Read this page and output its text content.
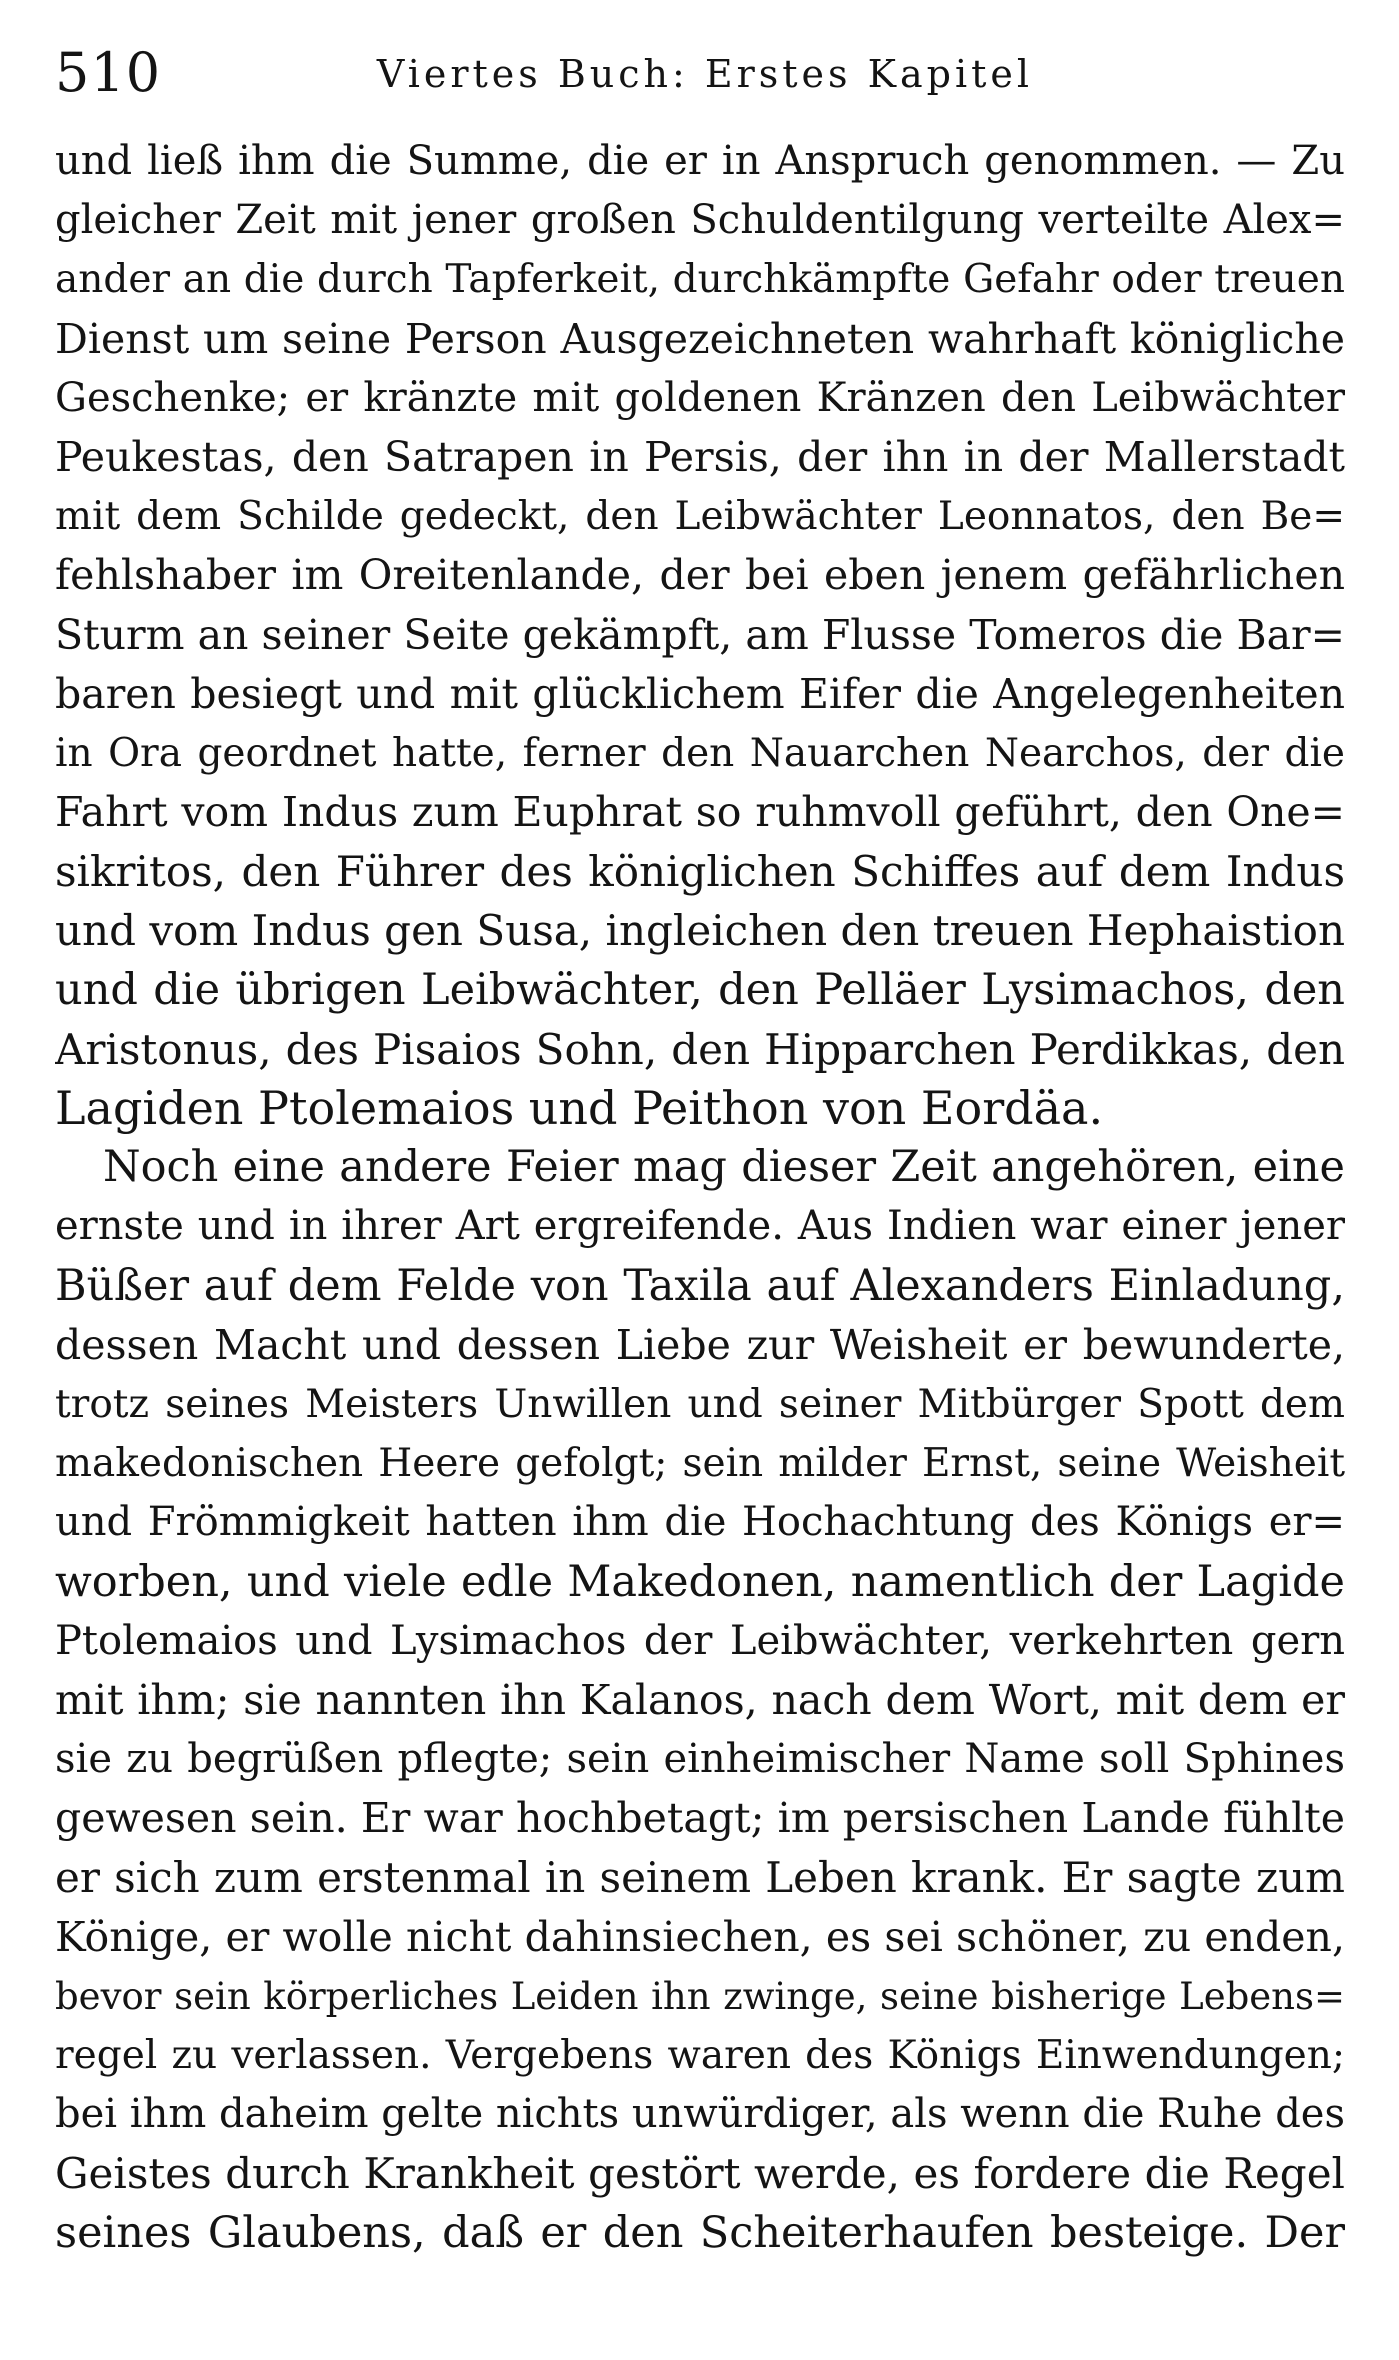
510	Viertes Buch: Erstes Kapitel
und ließ ihm die Summe, die er in Anspruch genommen. — Zu
gleicher Zeit mit jener großen Schuldentilgung verteilte Alex=
ander an die durch Tapferkeit, durchkämpfte Gefahr oder treuen
Dienst um seine Person Ausgezeichneten wahrhaft königliche
Geschenke; er kränzte mit goldenen Kränzen den Leibwächter
Peukestas, den Satrapen in Persis, der ihn in der Mallerstadt
mit dem Schilde gedeckt, den Leibwächter Leonnatos, den Be=
fehlshaber im Oreitenlande, der bei eben jenem gefährlichen
Sturm an seiner Seite gekämpft, am Flusse Tomeros die Bar=
baren besiegt und mit glücklichem Eifer die Angelegenheiten
in Ora geordnet hatte, ferner den Nauarchen Nearchos, der die
Fahrt vom Indus zum Euphrat so ruhmvoll geführt, den One=
sikritos, den Führer des königlichen Schiffes auf dem Indus
und vom Indus gen Susa, ingleichen den treuen Hephaistion
und die übrigen Leibwächter, den Pelläer Lysimachos, den
Aristonus, des Pisaios Sohn, den Hipparchen Perdikkas, den
Lagiden Ptolemaios und Peithon von Eordäa.
Noch eine andere Feier mag dieser Zeit angehören, eine
ernste und in ihrer Art ergreifende. Aus Indien war einer jener
Büßer auf dem Felde von Taxila auf Alexanders Einladung,
dessen Macht und dessen Liebe zur Weisheit er bewunderte,
trotz seines Meisters Unwillen und seiner Mitbürger Spott dem
makedonischen Heere gefolgt; sein milder Ernst, seine Weisheit
und Frömmigkeit hatten ihm die Hochachtung des Königs er=
worben, und viele edle Makedonen, namentlich der Lagide
Ptolemaios und Lysimachos der Leibwächter, verkehrten gern
mit ihm; sie nannten ihn Kalanos, nach dem Wort, mit dem er
sie zu begrüßen pflegte; sein einheimischer Name soll Sphines
gewesen sein. Er war hochbetagt; im persischen Lande fühlte
er sich zum erstenmal in seinem Leben krank. Er sagte zum
Könige, er wolle nicht dahinsiechen, es sei schöner, zu enden,
bevor sein körperliches Leiden ihn zwinge, seine bisherige Lebens=
regel zu verlassen. Vergebens waren des Königs Einwendungen;
bei ihm daheim gelte nichts unwürdiger, als wenn die Ruhe des
Geistes durch Krankheit gestört werde, es fordere die Regel
seines Glaubens, daß er den Scheiterhaufen besteige. Der
